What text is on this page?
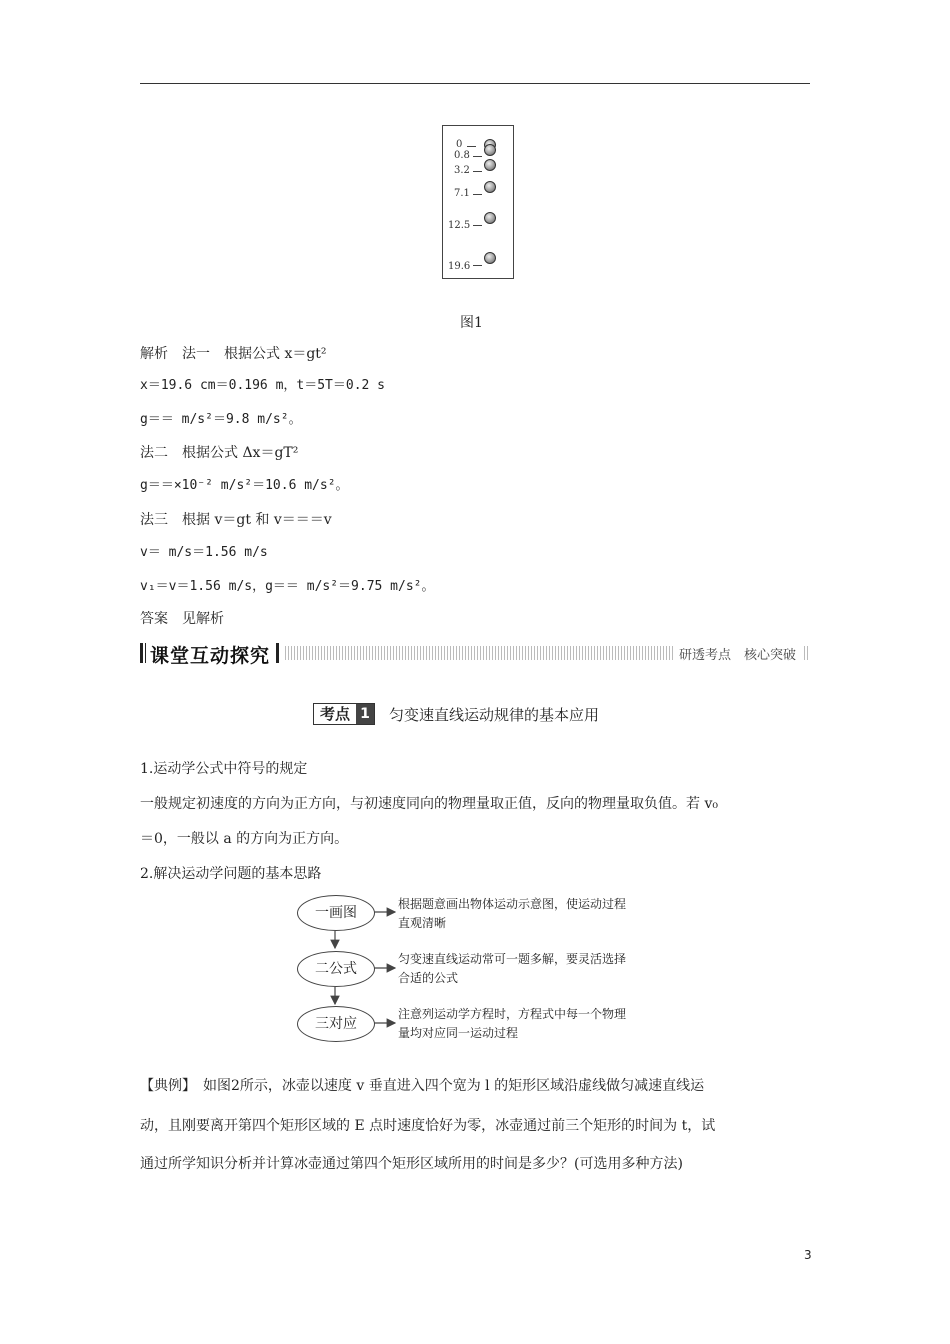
0
0.8
3.2
7.1
12.5
19.6
图1
解析　法一　根据公式 x＝gt²
x＝19.6 cm＝0.196 m，t＝5T＝0.2 s
g＝＝ m/s²＝9.8 m/s²。
法二　根据公式 Δx＝gT²
g＝＝×10⁻² m/s²＝10.6 m/s²。
法三　根据 v＝gt 和 v＝＝＝v
v＝ m/s＝1.56 m/s
v₁＝v＝1.56 m/s，g＝＝ m/s²＝9.75 m/s²。
答案　见解析
课堂互动探究	研透考点　核心突破
考点 1 匀变速直线运动规律的基本应用
1.运动学公式中符号的规定
一般规定初速度的方向为正方向，与初速度同向的物理量取正值，反向的物理量取负值。若 v₀
＝0，一般以 a 的方向为正方向。
2.解决运动学问题的基本思路
一画图
二公式
三对应
根据题意画出物体运动示意图，使运动过程
直观清晰
匀变速直线运动常可一题多解，要灵活选择
合适的公式
注意列运动学方程时，方程式中每一个物理
量均对应同一运动过程
【典例】　如图2所示，冰壶以速度 v 垂直进入四个宽为 l 的矩形区域沿虚线做匀减速直线运
动，且刚要离开第四个矩形区域的 E 点时速度恰好为零，冰壶通过前三个矩形的时间为 t，试
通过所学知识分析并计算冰壶通过第四个矩形区域所用的时间是多少？(可选用多种方法)
3
